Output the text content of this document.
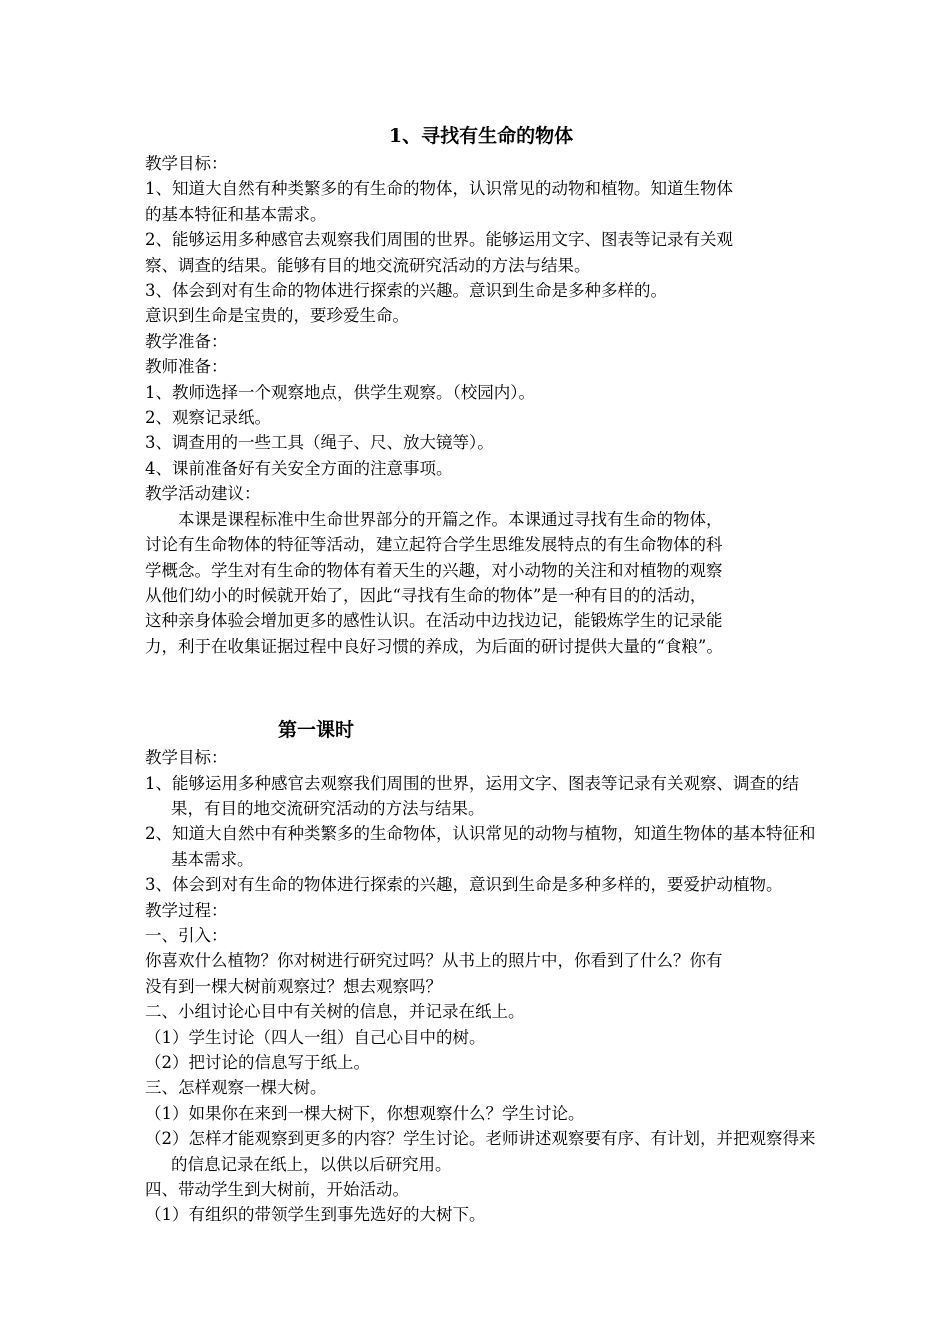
1、寻找有生命的物体

教学目标：

1、知道大自然有种类繁多的有生命的物体，认识常见的动物和植物。知道生物体

的基本特征和基本需求。

2、能够运用多种感官去观察我们周围的世界。能够运用文字、图表等记录有关观

察、调查的结果。能够有目的地交流研究活动的方法与结果。

3、体会到对有生命的物体进行探索的兴趣。意识到生命是多种多样的。

意识到生命是宝贵的，要珍爱生命。

教学准备：

教师准备：

1、教师选择一个观察地点，供学生观察。（校园内）。

2、观察记录纸。

3、调查用的一些工具（绳子、尺、放大镜等）。

4、课前准备好有关安全方面的注意事项。

教学活动建议：

本课是课程标准中生命世界部分的开篇之作。本课通过寻找有生命的物体，

讨论有生命物体的特征等活动，建立起符合学生思维发展特点的有生命物体的科

学概念。学生对有生命的物体有着天生的兴趣，对小动物的关注和对植物的观察

从他们幼小的时候就开始了，因此“寻找有生命的物体”是一种有目的的活动，

这种亲身体验会增加更多的感性认识。在活动中边找边记，能锻炼学生的记录能

力，利于在收集证据过程中良好习惯的养成，为后面的研讨提供大量的“食粮”。

第一课时

教学目标：

1、能够运用多种感官去观察我们周围的世界，运用文字、图表等记录有关观察、调查的结果，有目的地交流研究活动的方法与结果。

2、知道大自然中有种类繁多的生命物体，认识常见的动物与植物，知道生物体的基本特征和基本需求。

3、体会到对有生命的物体进行探索的兴趣，意识到生命是多种多样的，要爱护动植物。

教学过程：

一、引入：

你喜欢什么植物？你对树进行研究过吗？从书上的照片中，你看到了什么？你有

没有到一棵大树前观察过？想去观察吗？

二、小组讨论心目中有关树的信息，并记录在纸上。

（1）学生讨论（四人一组）自己心目中的树。

（2）把讨论的信息写于纸上。

三、怎样观察一棵大树。

（1）如果你在来到一棵大树下，你想观察什么？学生讨论。

（2）怎样才能观察到更多的内容？学生讨论。老师讲述观察要有序、有计划，并把观察得来的信息记录在纸上，以供以后研究用。

四、带动学生到大树前，开始活动。

（1）有组织的带领学生到事先选好的大树下。
